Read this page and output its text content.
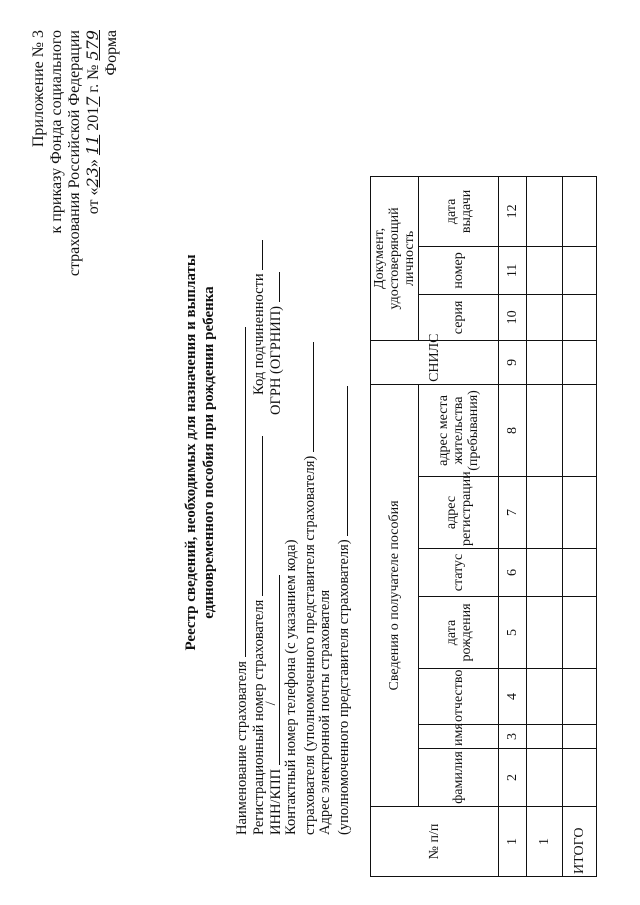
Приложение № 3 к приказу Фонда социального страхования Российской Федерации от «23» 11 2017 г. № 579 Форма
Реестр сведений, необходимых для назначения и выплаты единовременного пособия при рождении ребенка
Наименование страхователя Регистрационный номер страхователя
Код подчиненности
ИНН/КПП
/
ОГРН (ОГРНИП)
Контактный номер телефона (с указанием кода) страхователя (уполномоченного представителя страхователя) Адрес электронной почты страхователя (уполномоченного представителя страхователя)
№ п/п	Сведения о получателе пособия							СНИЛС	Документ, удостоверяющий личность			
	фамилия	имя	отчество	дата рождения	статус	адрес регистрации	адрес места жительства (пребывания)		серия	номер	дата выдачи	
1	2	3	4	5	6	7	8	9	10	11	12	
1												
ИТОГО												
